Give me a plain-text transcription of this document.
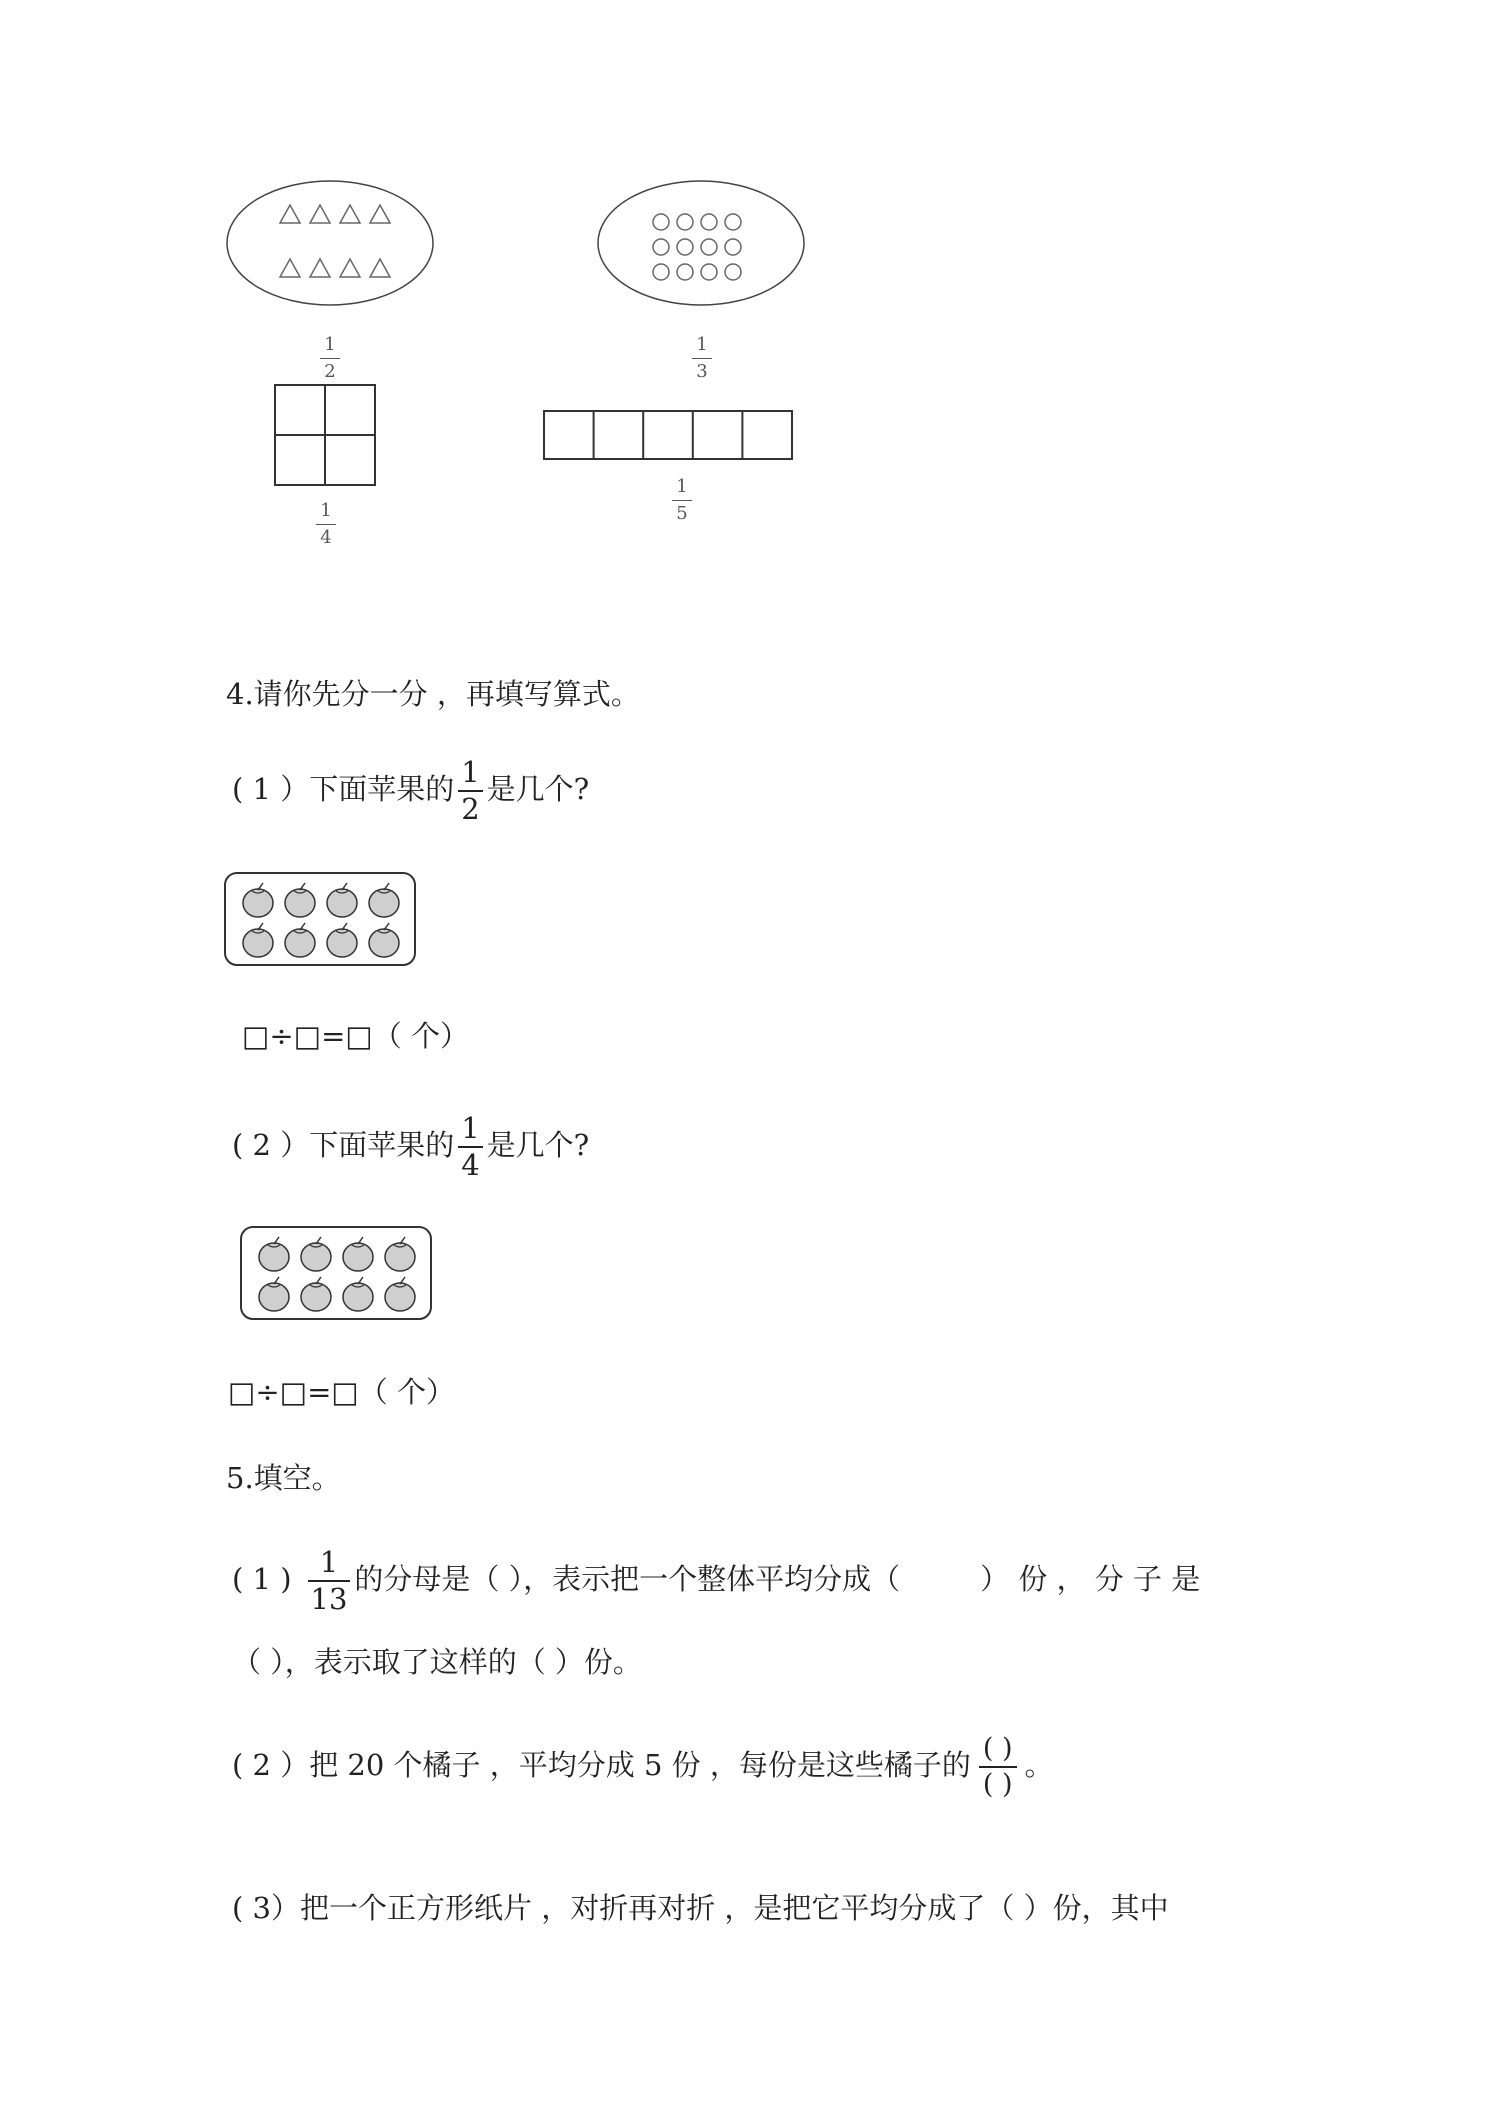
1
2
1
3
1
4
1
5
4.请你先分一分 ，再填写算式。
( 1 ）下面苹果的 $\frac{1}{2}$ 是几个?
□÷□=□（ 个）
( 2 ）下面苹果的 $\frac{1}{4}$ 是几个?
□÷□=□（ 个）
5.填空。
( 1 ) $\frac{1}{13}$ 的分母是（ ），表示把一个整体平均分成（	） 份 ， 分 子 是
（ ），表示取了这样的（ ）份。
( 2 ）把 20 个橘子 ，平均分成 5 份 ，每份是这些橘子的 $\frac{( )}{( )}$ 。
( 3）把一个正方形纸片 ，对折再对折 ，是把它平均分成了（ ）份，其中
